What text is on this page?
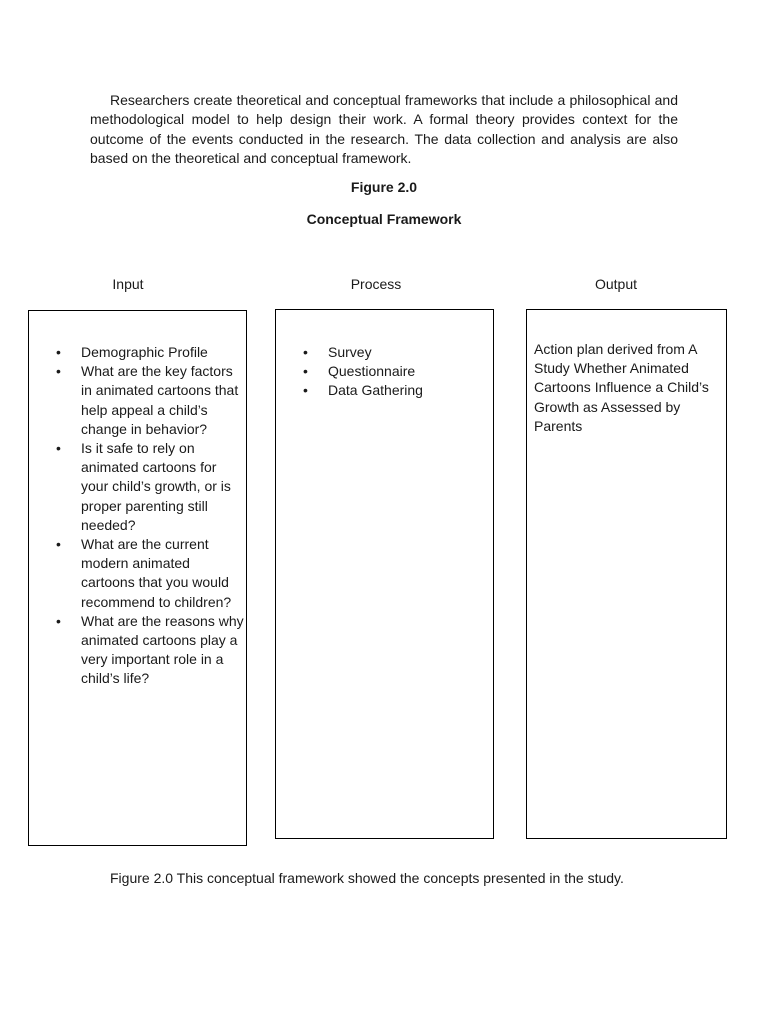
Researchers create theoretical and conceptual frameworks that include a philosophical and methodological model to help design their work. A formal theory provides context for the outcome of the events conducted in the research. The data collection and analysis are also based on the theoretical and conceptual framework.

Figure 2.0

Conceptual Framework

Input	Process	Output

• Demographic Profile
• What are the key factors in animated cartoons that help appeal a child’s change in behavior?
• Is it safe to rely on animated cartoons for your child’s growth, or is proper parenting still needed?
• What are the current modern animated cartoons that you would recommend to children?
• What are the reasons why animated cartoons play a very important role in a child’s life?
• Survey
• Questionnaire
• Data Gathering

Action plan derived from A Study Whether Animated Cartoons Influence a Child’s Growth as Assessed by Parents

Figure 2.0 This conceptual framework showed the concepts presented in the study.
